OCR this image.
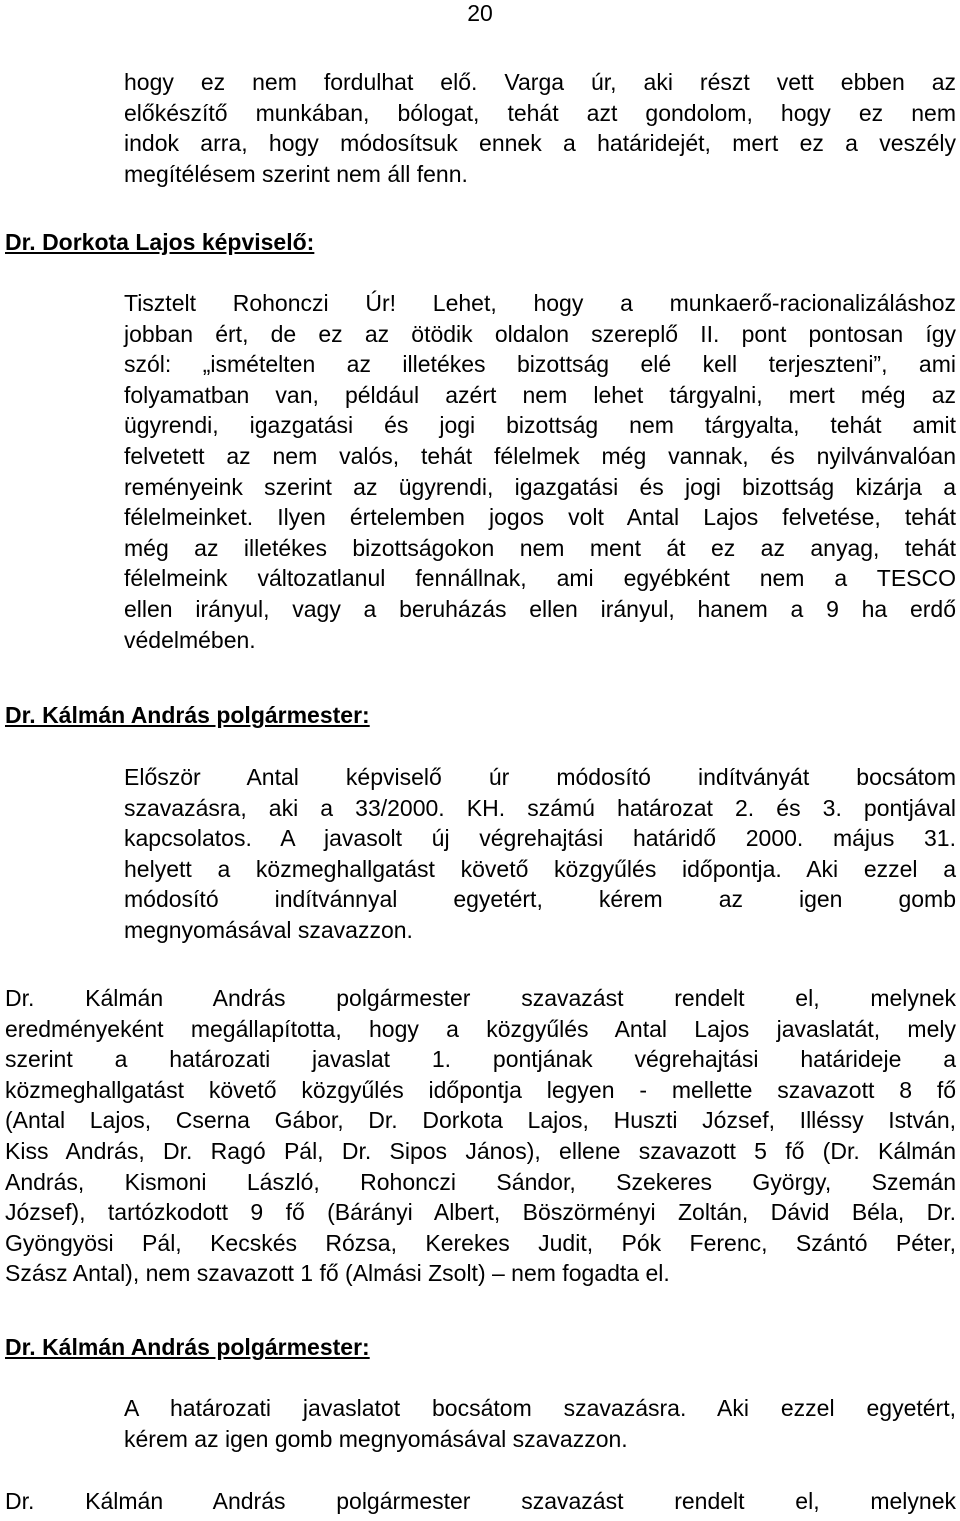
20
hogy ez nem fordulhat elő. Varga úr, aki részt vett ebben az
előkészítő munkában, bólogat, tehát azt gondolom, hogy ez nem
indok arra, hogy módosítsuk ennek a határidejét, mert ez a veszély
megítélésem szerint nem áll fenn.
Dr. Dorkota Lajos képviselő:
Tisztelt Rohonczi Úr! Lehet, hogy a munkaerő-racionalizáláshoz
jobban ért, de ez az ötödik oldalon szereplő II. pont pontosan így
szól: „ismételten az illetékes bizottság elé kell terjeszteni”, ami
folyamatban van, például azért nem lehet tárgyalni, mert még az
ügyrendi, igazgatási és jogi bizottság nem tárgyalta, tehát amit
felvetett az nem valós, tehát félelmek még vannak, és nyilvánvalóan
reményeink szerint az ügyrendi, igazgatási és jogi bizottság kizárja a
félelmeinket. Ilyen értelemben jogos volt Antal Lajos felvetése, tehát
még az illetékes bizottságokon nem ment át ez az anyag, tehát
félelmeink változatlanul fennállnak, ami egyébként nem a TESCO
ellen irányul, vagy a beruházás ellen irányul, hanem a 9 ha erdő
védelmében.
Dr. Kálmán András polgármester:
Először Antal képviselő úr módosító indítványát bocsátom
szavazásra, aki a 33/2000. KH. számú határozat 2. és 3. pontjával
kapcsolatos. A javasolt új végrehajtási határidő 2000. május 31.
helyett a közmeghallgatást követő közgyűlés időpontja. Aki ezzel a
módosító indítvánnyal egyetért, kérem az igen gomb
megnyomásával szavazzon.
Dr. Kálmán András polgármester szavazást rendelt el, melynek
eredményeként megállapította, hogy a közgyűlés Antal Lajos javaslatát, mely
szerint a határozati javaslat 1. pontjának végrehajtási határideje a
közmeghallgatást követő közgyűlés időpontja legyen - mellette szavazott 8 fő
(Antal Lajos, Cserna Gábor, Dr. Dorkota Lajos, Huszti József, Illéssy István,
Kiss András, Dr. Ragó Pál, Dr. Sipos János), ellene szavazott 5 fő (Dr. Kálmán
András, Kismoni László, Rohonczi Sándor, Szekeres György, Szemán
József), tartózkodott 9 fő (Bárányi Albert, Böszörményi Zoltán, Dávid Béla, Dr.
Gyöngyösi Pál, Kecskés Rózsa, Kerekes Judit, Pók Ferenc, Szántó Péter,
Szász Antal), nem szavazott 1 fő (Almási Zsolt) – nem fogadta el.
Dr. Kálmán András polgármester:
A határozati javaslatot bocsátom szavazásra. Aki ezzel egyetért,
kérem az igen gomb megnyomásával szavazzon.
Dr. Kálmán András polgármester szavazást rendelt el, melynek
